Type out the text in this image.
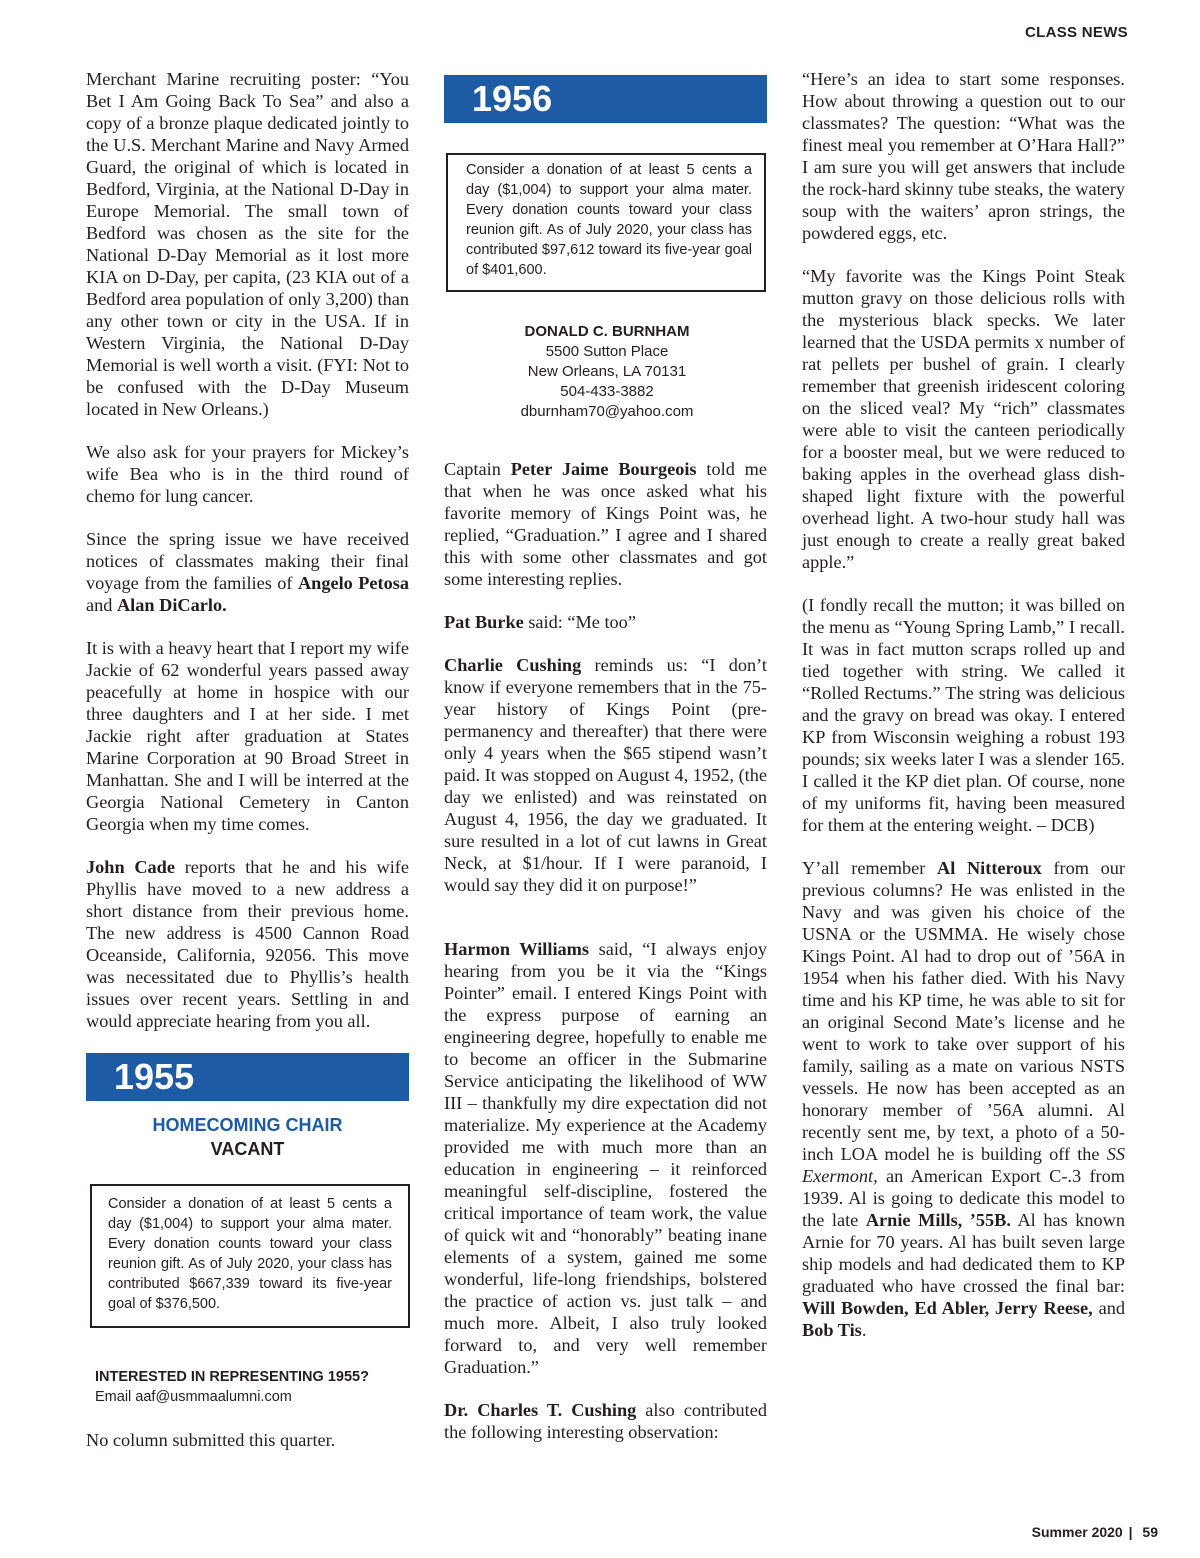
CLASS NEWS

Merchant Marine recruiting poster: “You Bet I Am Going Back To Sea” and also a copy of a bronze plaque dedicated jointly to the U.S. Merchant Marine and Navy Armed Guard, the original of which is located in Bedford, Virginia, at the National D-Day in Europe Memorial. The small town of Bedford was chosen as the site for the National D-Day Memorial as it lost more KIA on D-Day, per capita, (23 KIA out of a Bedford area population of only 3,200) than any other town or city in the USA. If in Western Virginia, the National D-Day Memorial is well worth a visit. (FYI: Not to be confused with the D-Day Museum located in New Orleans.)

We also ask for your prayers for Mickey’s wife Bea who is in the third round of chemo for lung cancer.

Since the spring issue we have received notices of classmates making their final voyage from the families of Angelo Petosa and Alan DiCarlo.

It is with a heavy heart that I report my wife Jackie of 62 wonderful years passed away peacefully at home in hospice with our three daughters and I at her side. I met Jackie right after graduation at States Marine Corporation at 90 Broad Street in Manhattan. She and I will be interred at the Georgia National Cemetery in Canton Georgia when my time comes.

John Cade reports that he and his wife Phyllis have moved to a new address a short distance from their previous home. The new address is 4500 Cannon Road Oceanside, California, 92056. This move was necessitated due to Phyllis’s health issues over recent years. Settling in and would appreciate hearing from you all.

1955
HOMECOMING CHAIR
VACANT
Consider a donation of at least 5 cents a day ($1,004) to support your alma mater. Every donation counts toward your class reunion gift. As of July 2020, your class has contributed $667,339 toward its five-year goal of $376,500.
INTERESTED IN REPRESENTING 1955?
Email aaf@usmmaalumni.com

No column submitted this quarter.

1956
Consider a donation of at least 5 cents a day ($1,004) to support your alma mater. Every donation counts toward your class reunion gift. As of July 2020, your class has contributed $97,612 toward its five-year goal of $401,600.
DONALD C. BURNHAM
5500 Sutton Place
New Orleans, LA 70131
504-433-3882
dburnham70@yahoo.com

Captain Peter Jaime Bourgeois told me that when he was once asked what his favorite memory of Kings Point was, he replied, “Graduation.” I agree and I shared this with some other classmates and got some interesting replies.

Pat Burke said: “Me too”

Charlie Cushing reminds us: “I don’t know if everyone remembers that in the 75-year history of Kings Point (pre-permanency and thereafter) that there were only 4 years when the $65 stipend wasn’t paid. It was stopped on August 4, 1952, (the day we enlisted) and was reinstated on August 4, 1956, the day we graduated. It sure resulted in a lot of cut lawns in Great Neck, at $1/hour. If I were paranoid, I would say they did it on purpose!”

Harmon Williams said, “I always enjoy hearing from you be it via the “Kings Pointer” email. I entered Kings Point with the express purpose of earning an engineering degree, hopefully to enable me to become an officer in the Submarine Service anticipating the likelihood of WW III – thankfully my dire expectation did not materialize. My experience at the Academy provided me with much more than an education in engineering – it reinforced meaningful self-discipline, fostered the critical importance of team work, the value of quick wit and “honorably” beating inane elements of a system, gained me some wonderful, life-long friendships, bolstered the practice of action vs. just talk – and much more. Albeit, I also truly looked forward to, and very well remember Graduation.”

Dr. Charles T. Cushing also contributed the following interesting observation:

“Here’s an idea to start some responses. How about throwing a question out to our classmates? The question: “What was the finest meal you remember at O’Hara Hall?” I am sure you will get answers that include the rock-hard skinny tube steaks, the watery soup with the waiters’ apron strings, the powdered eggs, etc.

“My favorite was the Kings Point Steak mutton gravy on those delicious rolls with the mysterious black specks. We later learned that the USDA permits x number of rat pellets per bushel of grain. I clearly remember that greenish iridescent coloring on the sliced veal? My “rich” classmates were able to visit the canteen periodically for a booster meal, but we were reduced to baking apples in the overhead glass dish-shaped light fixture with the powerful overhead light. A two-hour study hall was just enough to create a really great baked apple.”

(I fondly recall the mutton; it was billed on the menu as “Young Spring Lamb,” I recall. It was in fact mutton scraps rolled up and tied together with string. We called it “Rolled Rectums.” The string was delicious and the gravy on bread was okay. I entered KP from Wisconsin weighing a robust 193 pounds; six weeks later I was a slender 165. I called it the KP diet plan. Of course, none of my uniforms fit, having been measured for them at the entering weight. – DCB)

Y’all remember Al Nitteroux from our previous columns? He was enlisted in the Navy and was given his choice of the USNA or the USMMA. He wisely chose Kings Point. Al had to drop out of ’56A in 1954 when his father died. With his Navy time and his KP time, he was able to sit for an original Second Mate’s license and he went to work to take over support of his family, sailing as a mate on various NSTS vessels. He now has been accepted as an honorary member of ’56A alumni. Al recently sent me, by text, a photo of a 50-inch LOA model he is building off the SS Exermont, an American Export C-.3 from 1939. Al is going to dedicate this model to the late Arnie Mills, ’55B. Al has known Arnie for 70 years. Al has built seven large ship models and had dedicated them to KP graduated who have crossed the final bar: Will Bowden, Ed Abler, Jerry Reese, and Bob Tis.

Summer 2020 | 59
